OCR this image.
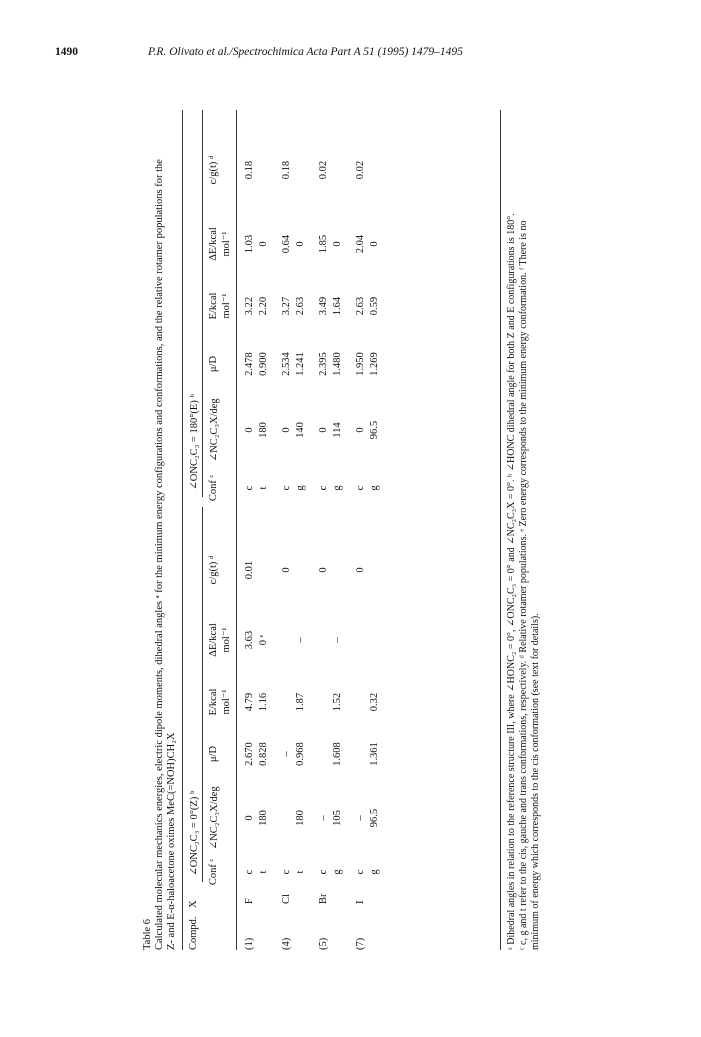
1490	P.R. Olivato et al./Spectrochimica Acta Part A 51 (1995) 1479–1495
Table 6 Calculated molecular mechanics energies, electric dipole moments, dihedral angles ᵃ for the minimum energy configurations and conformations, and the relative rotamer populations for the Z- and E-α-haloacetone oximes MeC(=NOH)CH₂X Compd.
X
∠ONC₂C₃ = 0°(Z) ᵇ
∠ONC₂C₃ = 180°(E) ᵇ
Conf ᶜ
∠NC₂C₃X/deg
μ/D
E/kcal mol⁻¹
ΔE/kcal mol⁻¹
c/g(t) ᵈ
Conf ᶜ
∠NC₂C₃X/deg
μ/D
E/kcal mol⁻¹
ΔE/kcal mol⁻¹
c/g(t) ᵈ
(1)
F
c
0
2.670
4.79
3.63
0.01
c
0
2.478
3.22
1.03
0.18
t
180
0.828
1.16
0 ᵉ
t
180
0.900
2.20
0
(4)
Cl
c
–
0
c
0
2.534
3.27
0.64
0.18
t
180
0.968
1.87
–
g
140
1.241
2.63
0
(5)
Br
c
–
0
c
0
2.395
3.49
1.85
0.02
g
105
1.608
1.52
–
g
114
1.480
1.64
0
(7)
I
c
–
0
c
0
1.950
2.63
2.04
0.02
g
96.5
1.361
0.32
g
96.5
1.269
0.59
0	ᵃ Dihedral angles in relation to the reference structure III, where ∠HONC₂ = 0°, ∠ONC₂C₃ = 0° and ∠NC₂C₃X = 0°. ᵇ ∠HONC dihedral angle for both Z and E configurations is 180°. ᶜ c, g and t refer to the cis, gauche and trans conformations, respectively. ᵈ Relative rotamer populations. ᵉ Zero energy corresponds to the minimum energy conformation. ᶠ There is no minimum of energy which corresponds to the cis conformation (see text for details).
